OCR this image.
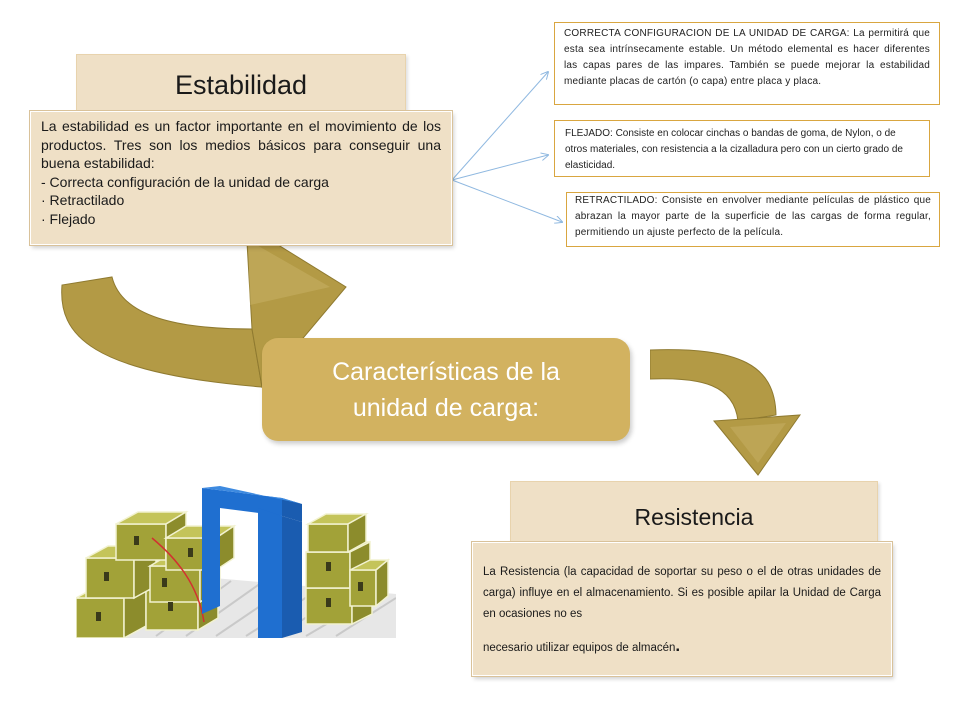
Estabilidad

La estabilidad es un factor importante en el movimiento de los productos. Tres son los medios básicos para conseguir una buena estabilidad:

- Correcta configuración de la unidad de carga

· Retractilado

· Flejado

CORRECTA CONFIGURACION DE LA UNIDAD DE CARGA: La permitirá que esta sea intrínsecamente estable. Un método elemental es hacer diferentes las capas pares de las impares. También se puede mejorar la estabilidad mediante placas de cartón (o capa) entre placa y placa.

FLEJADO: Consiste en colocar cinchas o bandas de goma, de Nylon, o de otros materiales, con resistencia a la cizalladura pero con un cierto grado de elasticidad.

RETRACTILADO: Consiste en envolver mediante películas de plástico que abrazan la mayor parte de la superficie de las cargas de forma regular, permitiendo un ajuste perfecto de la película.

Características de la
unidad de carga:
Resistencia

La Resistencia (la capacidad de soportar su peso o el de otras unidades de carga) influye en el almacenamiento. Si es posible apilar la Unidad de Carga en ocasiones no es

necesario utilizar equipos de almacén.
